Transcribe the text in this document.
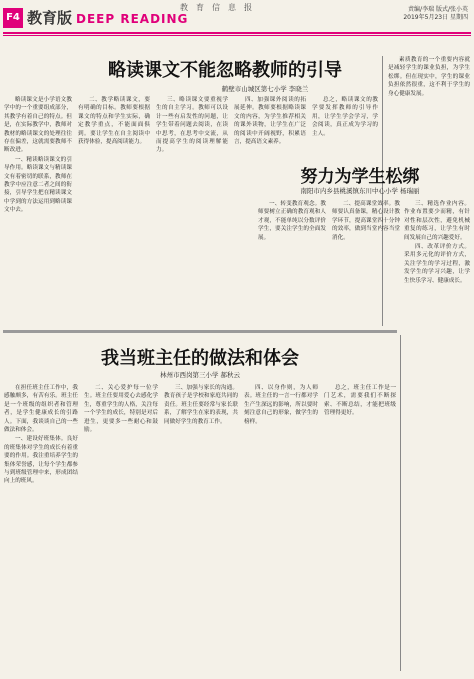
F4 教育版 DEEP READING
教育信息报	责编/李瑞 版式/张小英
2019年5月23日 星期四
略读课文不能忽略教师的引导
鹤壁市山城区第七小学 李晓兰

略读课文是小学语文教学中的一个重要组成部分，其教学有着自己的特点。但是，在实际教学中，教师对教材的略读课文的处理往往存在偏差，这就需要教师不断改进。

一、精读略读课文的引导作用。略读课文与精读课文有着密切的联系，教师在教学中应注意二者之间的衔接，引导学生把在精读课文中学到的方法运用到略读课文中去。

二、教学略读课文，要有明确的目标。教师要根据课文的特点和学生实际，确定教学重点，不能面面俱到。要让学生在自主阅读中获得体验，提高阅读能力。

三、略读课文要重视学生的自主学习。教师可以设计一些有启发性的问题，让学生带着问题去阅读，在读中思考，在思考中交流，从而提高学生的阅读理解能力。

四、加强课外阅读的拓展延伸。教师要根据略读课文的内容，为学生推荐相关的课外读物，让学生在广泛的阅读中开阔视野，积累语言，提高语文素养。

总之，略读课文的教学要发挥教师的引导作用，让学生学会学习，学会阅读，真正成为学习的主人。

素质教育的一个重要内容就是减轻学生的课业负担，为学生松绑。但在现实中，学生的课业负担依然很重，这不利于学生的身心健康发展。

努力为学生松绑
南阳市内乡县桃溪镇东川中心小学 杨瑞丽

一、转变教育观念。教师要树立正确的教育观和人才观，不能单纯以分数评价学生，要关注学生的全面发展。

二、提高课堂效率。教师要认真备课，精心设计教学环节，提高课堂四十分钟的效率，做到当堂内容当堂消化。

三、精选作业内容。作业布置要少而精，有针对性和层次性，避免机械重复的练习，让学生有时间发展自己的兴趣爱好。

四、改革评价方式。采用多元化的评价方式，关注学生的学习过程，激发学生的学习兴趣，让学生快乐学习、健康成长。

我当班主任的做法和体会
林州市西岗第三小学 郝秋云

在担任班主任工作中，我感触颇多，有苦有乐。班主任是一个班级的组织者和管理者，是学生健康成长的引路人。下面，我谈谈自己的一些做法和体会。

一、建设好班集体。良好的班集体对学生的成长有着重要的作用。我注重培养学生的集体荣誉感，让每个学生都参与到班级管理中来，形成团结向上的班风。

二、关心爱护每一位学生。班主任要用爱心去感化学生，尊重学生的人格，关注每一个学生的成长，特别是对后进生，更要多一些耐心和鼓励。

三、加强与家长的沟通。教育孩子是学校和家庭共同的责任。班主任要经常与家长联系，了解学生在家的表现，共同做好学生的教育工作。

四、以身作则，为人师表。班主任的一言一行都对学生产生深远的影响，所以要时刻注意自己的形象，做学生的榜样。

总之，班主任工作是一门艺术，需要我们不断探索、不断总结，才能把班级管理得更好。
